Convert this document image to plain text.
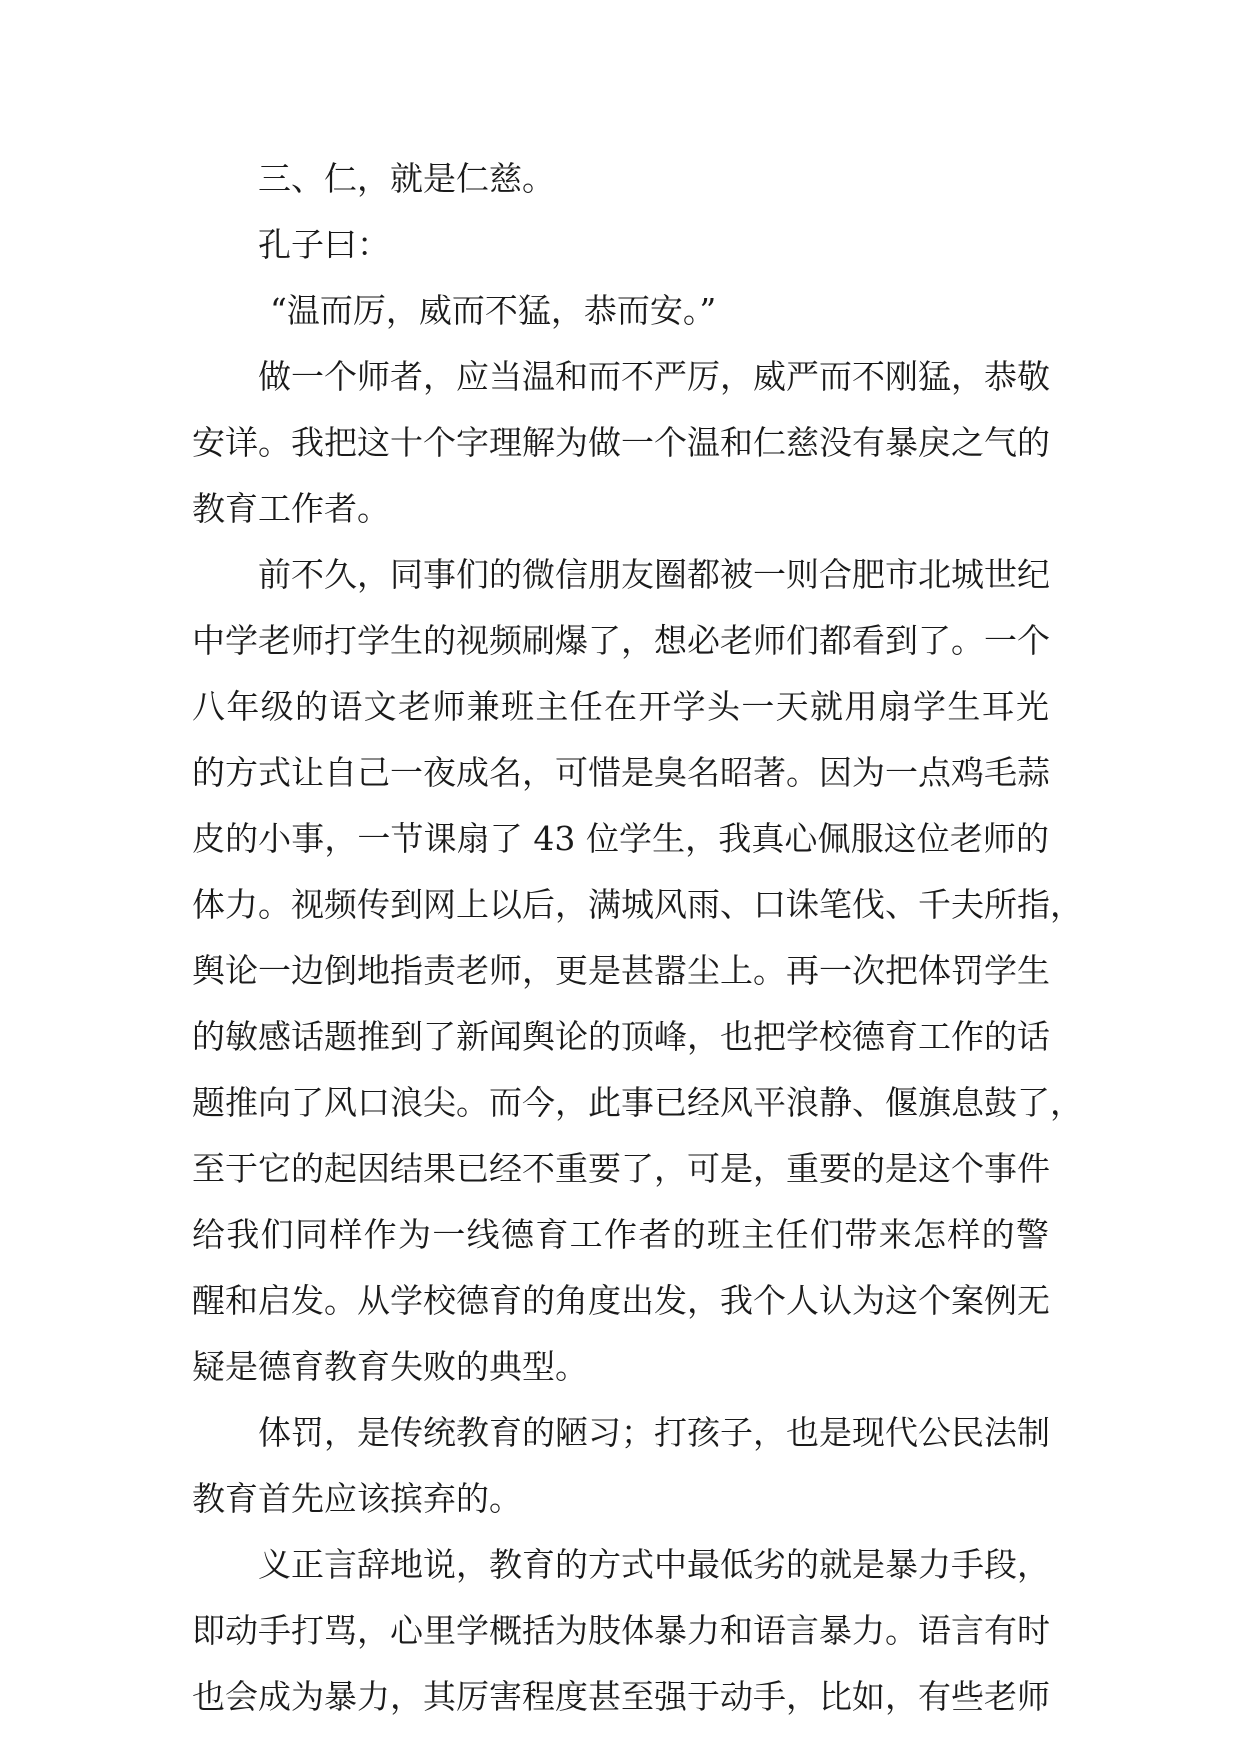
三、仁，就是仁慈。
孔子曰：
“温而厉，威而不猛，恭而安。”
做一个师者，应当温和而不严厉，威严而不刚猛，恭敬
安详。我把这十个字理解为做一个温和仁慈没有暴戾之气的
教育工作者。
前不久，同事们的微信朋友圈都被一则合肥市北城世纪
中学老师打学生的视频刷爆了，想必老师们都看到了。一个
八年级的语文老师兼班主任在开学头一天就用扇学生耳光
的方式让自己一夜成名，可惜是臭名昭著。因为一点鸡毛蒜
皮的小事，一节课扇了 43 位学生，我真心佩服这位老师的
体力。视频传到网上以后，满城风雨、口诛笔伐、千夫所指，
舆论一边倒地指责老师，更是甚嚣尘上。再一次把体罚学生
的敏感话题推到了新闻舆论的顶峰，也把学校德育工作的话
题推向了风口浪尖。而今，此事已经风平浪静、偃旗息鼓了，
至于它的起因结果已经不重要了，可是，重要的是这个事件
给我们同样作为一线德育工作者的班主任们带来怎样的警
醒和启发。从学校德育的角度出发，我个人认为这个案例无
疑是德育教育失败的典型。
体罚，是传统教育的陋习；打孩子，也是现代公民法制
教育首先应该摈弃的。
义正言辞地说，教育的方式中最低劣的就是暴力手段，
即动手打骂，心里学概括为肢体暴力和语言暴力。语言有时
也会成为暴力，其厉害程度甚至强于动手，比如，有些老师
